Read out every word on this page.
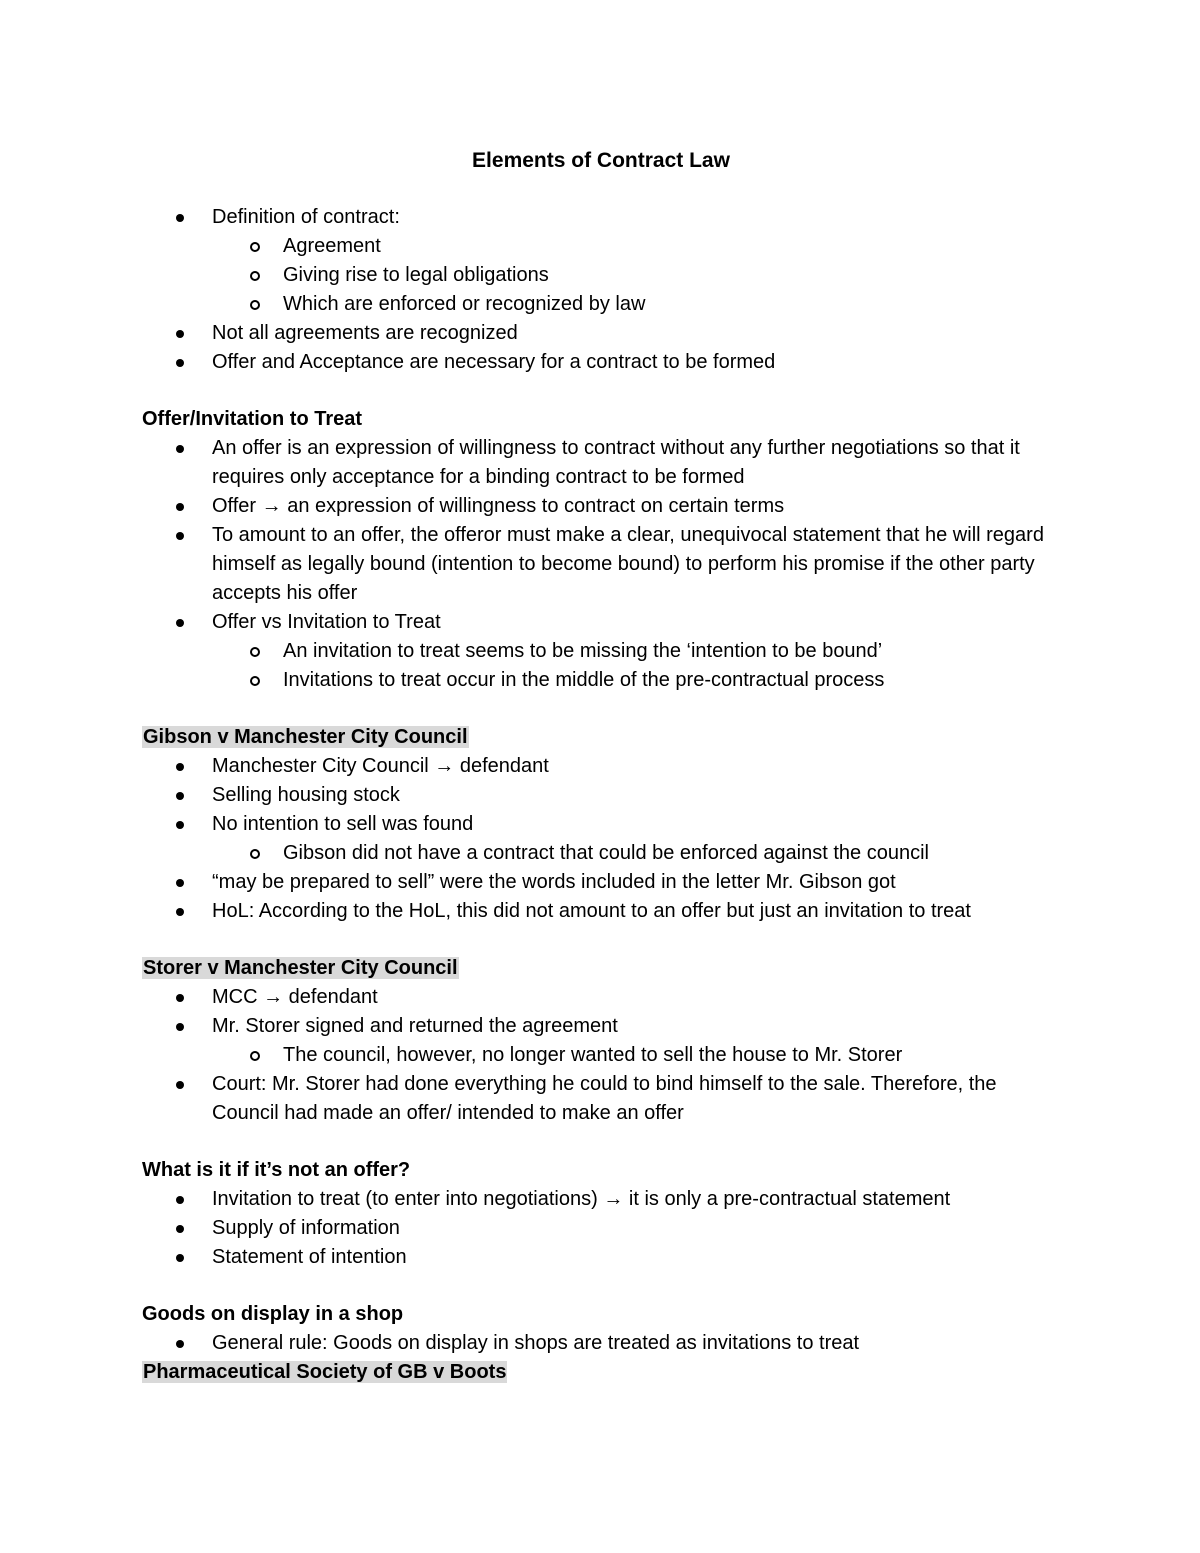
Elements of Contract Law
Definition of contract:
Agreement
Giving rise to legal obligations
Which are enforced or recognized by law
Not all agreements are recognized
Offer and Acceptance are necessary for a contract to be formed
Offer/Invitation to Treat
An offer is an expression of willingness to contract without any further negotiations so that it requires only acceptance for a binding contract to be formed
Offer → an expression of willingness to contract on certain terms
To amount to an offer, the offeror must make a clear, unequivocal statement that he will regard himself as legally bound (intention to become bound) to perform his promise if the other party accepts his offer
Offer vs Invitation to Treat
An invitation to treat seems to be missing the ‘intention to be bound’
Invitations to treat occur in the middle of the pre-contractual process
Gibson v Manchester City Council
Manchester City Council → defendant
Selling housing stock
No intention to sell was found
Gibson did not have a contract that could be enforced against the council
“may be prepared to sell” were the words included in the letter Mr. Gibson got
HoL: According to the HoL, this did not amount to an offer but just an invitation to treat
Storer v Manchester City Council
MCC → defendant
Mr. Storer signed and returned the agreement
The council, however, no longer wanted to sell the house to Mr. Storer
Court: Mr. Storer had done everything he could to bind himself to the sale. Therefore, the Council had made an offer/ intended to make an offer
What is it if it’s not an offer?
Invitation to treat (to enter into negotiations) → it is only a pre-contractual statement
Supply of information
Statement of intention
Goods on display in a shop
General rule: Goods on display in shops are treated as invitations to treat
Pharmaceutical Society of GB v Boots
